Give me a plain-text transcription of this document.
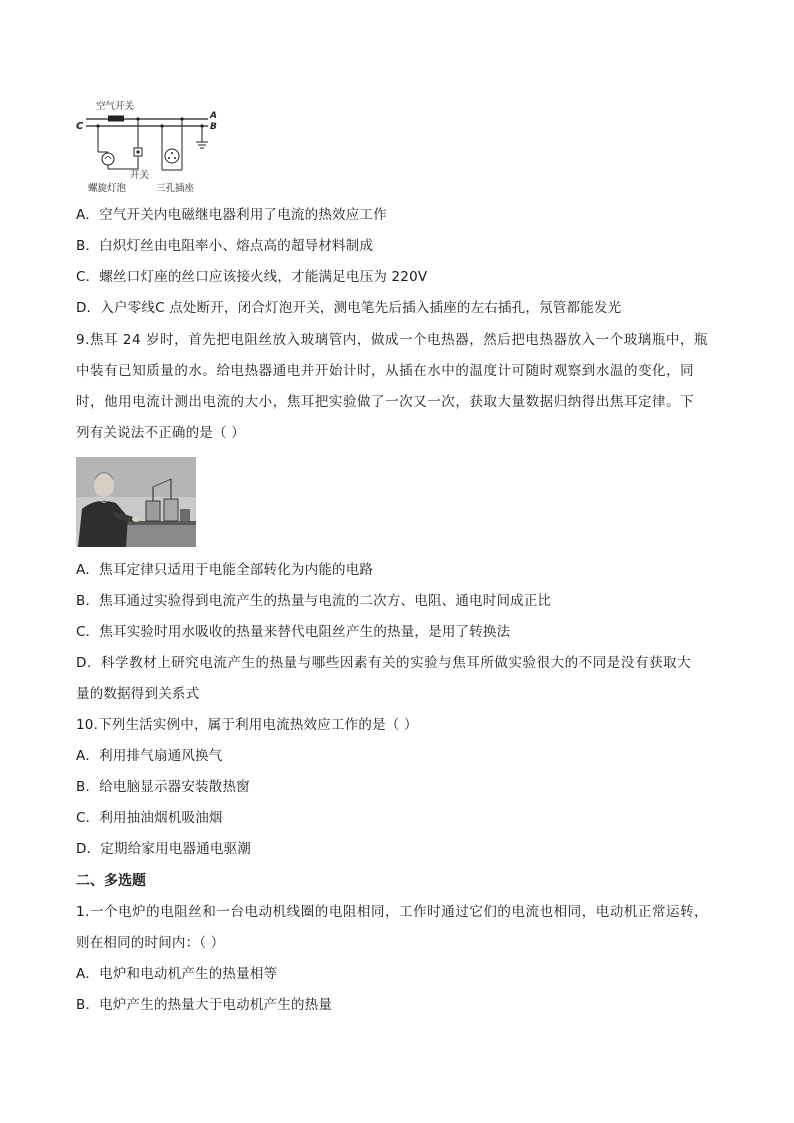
空气开关
C
A
B
开关
螺旋灯泡	三孔插座
A．空气开关内电磁继电器利用了电流的热效应工作
B．白炽灯丝由电阻率小、熔点高的超导材料制成
C．螺丝口灯座的丝口应该接火线，才能满足电压为 220V
D．入户零线C 点处断开，闭合灯泡开关，测电笔先后插入插座的左右插孔，氖管都能发光
9.焦耳 24 岁时，首先把电阻丝放入玻璃管内，做成一个电热器，然后把电热器放入一个玻璃瓶中，瓶
中装有已知质量的水。给电热器通电并开始计时，从插在水中的温度计可随时观察到水温的变化，同
时，他用电流计测出电流的大小，焦耳把实验做了一次又一次，获取大量数据归纳得出焦耳定律。下
列有关说法不正确的是（ ）
A．焦耳定律只适用于电能全部转化为内能的电路
B．焦耳通过实验得到电流产生的热量与电流的二次方、电阻、通电时间成正比
C．焦耳实验时用水吸收的热量来替代电阻丝产生的热量，是用了转换法
D．科学教材上研究电流产生的热量与哪些因素有关的实验与焦耳所做实验很大的不同是没有获取大
量的数据得到关系式
10.下列生活实例中，属于利用电流热效应工作的是（ ）
A．利用排气扇通风换气
B．给电脑显示器安装散热窗
C．利用抽油烟机吸油烟
D．定期给家用电器通电驱潮
二、多选题
1.一个电炉的电阻丝和一台电动机线圈的电阻相同，工作时通过它们的电流也相同，电动机正常运转，
则在相同的时间内：（ ）
A．电炉和电动机产生的热量相等
B．电炉产生的热量大于电动机产生的热量
